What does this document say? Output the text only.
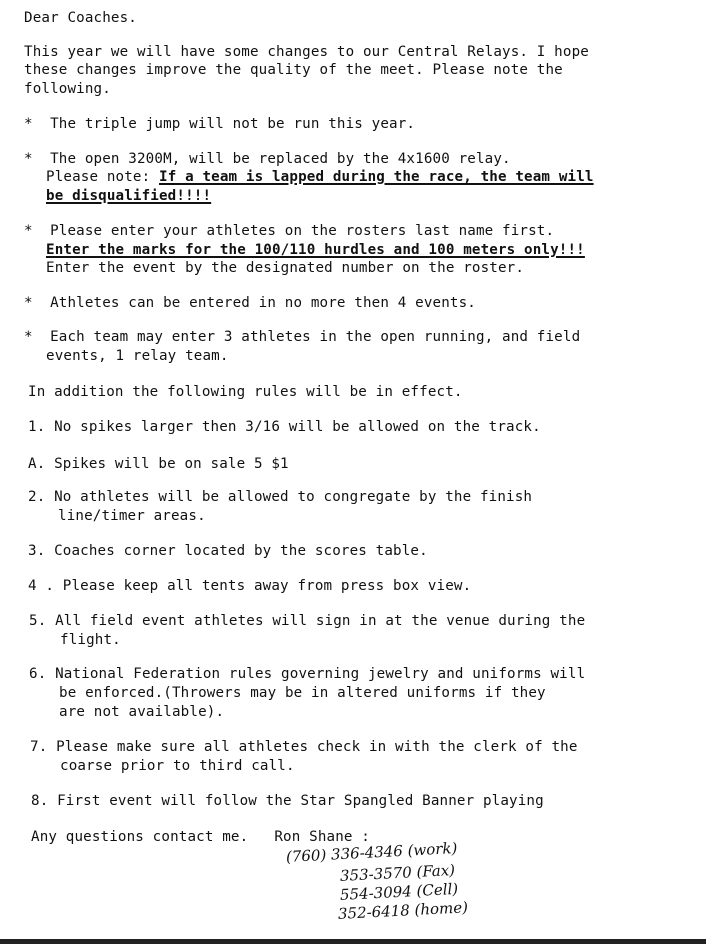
Dear Coaches.
This year we will have some changes to our Central Relays. I hope
these changes improve the quality of the meet. Please note the
following.
*  The triple jump will not be run this year.
*  The open 3200M, will be replaced by the 4x1600 relay.
Please note: If a team is lapped during the race, the team will
be disqualified!!!!
*  Please enter your athletes on the rosters last name first.
Enter the marks for the 100/110 hurdles and 100 meters only!!!
Enter the event by the designated number on the roster.
*  Athletes can be entered in no more then 4 events.
*  Each team may enter 3 athletes in the open running, and field
events, 1 relay team.
In addition the following rules will be in effect.
1. No spikes larger then 3/16 will be allowed on the track.
A. Spikes will be on sale 5 $1
2. No athletes will be allowed to congregate by the finish
line/timer areas.
3. Coaches corner located by the scores table.
4 . Please keep all tents away from press box view.
5. All field event athletes will sign in at the venue during the
flight.
6. National Federation rules governing jewelry and uniforms will
be enforced.(Throwers may be in altered uniforms if they
are not available).
7. Please make sure all athletes check in with the clerk of the
coarse prior to third call.
8. First event will follow the Star Spangled Banner playing
Any questions contact me.   Ron Shane :
(760) 336-4346 (work)
353-3570 (Fax)
554-3094 (Cell)
352-6418 (home)
